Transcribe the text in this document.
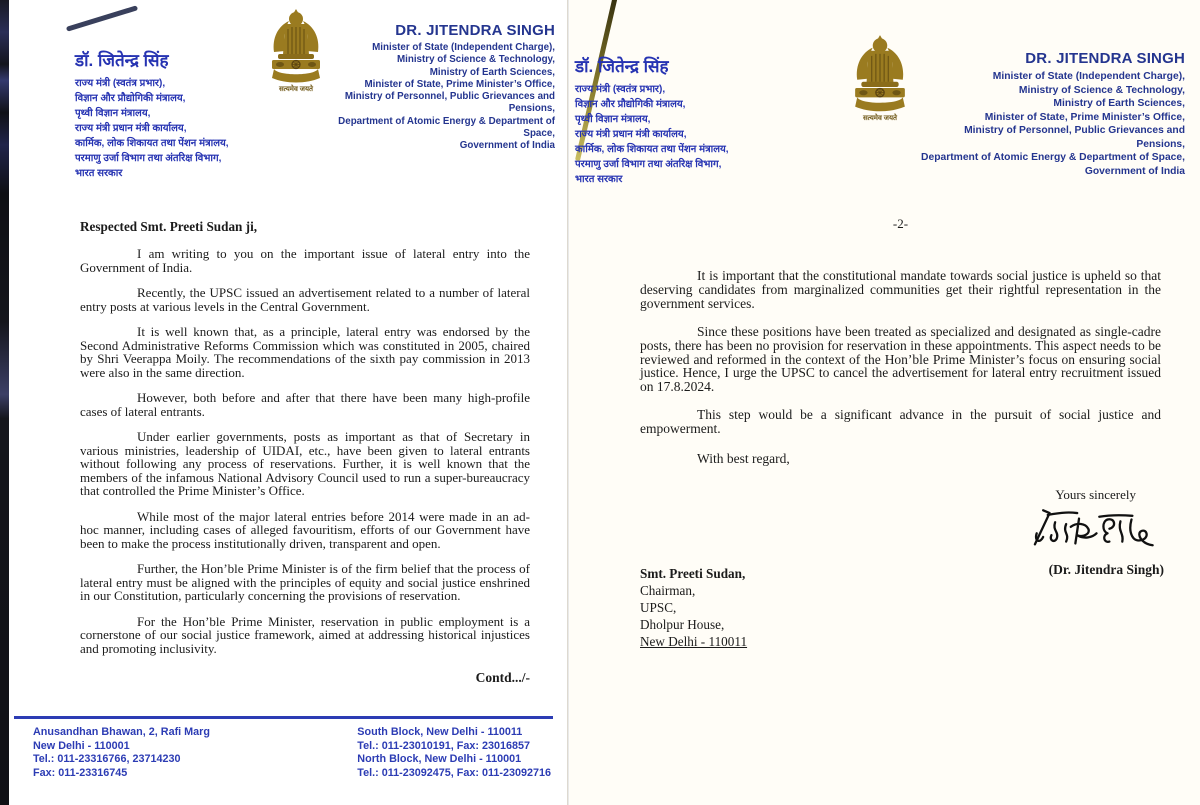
डॉ. जितेन्द्र सिंह
राज्य मंत्री (स्वतंत्र प्रभार),
विज्ञान और प्रौद्योगिकी मंत्रालय,
पृथ्वी विज्ञान मंत्रालय,
राज्य मंत्री प्रधान मंत्री कार्यालय,
कार्मिक, लोक शिकायत तथा पेंशन मंत्रालय,
परमाणु उर्जा विभाग तथा अंतरिक्ष विभाग,
भारत सरकार
सत्यमेव जयते
DR. JITENDRA SINGH
Minister of State (Independent Charge),
Ministry of Science & Technology,
Ministry of Earth Sciences,
Minister of State, Prime Minister’s Office,
Ministry of Personnel, Public Grievances and Pensions,
Department of Atomic Energy & Department of Space,
Government of India
Respected Smt. Preeti Sudan ji,
I am writing to you on the important issue of lateral entry into the Government of India.
Recently, the UPSC issued an advertisement related to a number of lateral entry posts at various levels in the Central Government.
It is well known that, as a principle, lateral entry was endorsed by the Second Administrative Reforms Commission which was constituted in 2005, chaired by Shri Veerappa Moily. The recommendations of the sixth pay commission in 2013 were also in the same direction.
However, both before and after that there have been many high-profile cases of lateral entrants.
Under earlier governments, posts as important as that of Secretary in various ministries, leadership of UIDAI, etc., have been given to lateral entrants without following any process of reservations. Further, it is well known that the members of the infamous National Advisory Council used to run a super-bureaucracy that controlled the Prime Minister’s Office.
While most of the major lateral entries before 2014 were made in an ad-hoc manner, including cases of alleged favouritism, efforts of our Government have been to make the process institutionally driven, transparent and open.
Further, the Hon’ble Prime Minister is of the firm belief that the process of lateral entry must be aligned with the principles of equity and social justice enshrined in our Constitution, particularly concerning the provisions of reservation.
For the Hon’ble Prime Minister, reservation in public employment is a cornerstone of our social justice framework, aimed at addressing historical injustices and promoting inclusivity.
Contd.../-
Anusandhan Bhawan, 2, Rafi Marg
New Delhi - 110001
Tel.: 011-23316766, 23714230
Fax: 011-23316745
South Block, New Delhi - 110011
Tel.: 011-23010191, Fax: 23016857
North Block, New Delhi - 110001
Tel.: 011-23092475, Fax: 011-23092716
डॉ. जितेन्द्र सिंह
राज्य मंत्री (स्वतंत्र प्रभार),
विज्ञान और प्रौद्योगिकी मंत्रालय,
पृथ्वी विज्ञान मंत्रालय,
राज्य मंत्री प्रधान मंत्री कार्यालय,
कार्मिक, लोक शिकायत तथा पेंशन मंत्रालय,
परमाणु उर्जा विभाग तथा अंतरिक्ष विभाग,
भारत सरकार
सत्यमेव जयते
DR. JITENDRA SINGH
Minister of State (Independent Charge),
Ministry of Science & Technology,
Ministry of Earth Sciences,
Minister of State, Prime Minister’s Office,
Ministry of Personnel, Public Grievances and Pensions,
Department of Atomic Energy & Department of Space,
Government of India
-2-
It is important that the constitutional mandate towards social justice is upheld so that deserving candidates from marginalized communities get their rightful representation in the government services.
Since these positions have been treated as specialized and designated as single-cadre posts, there has been no provision for reservation in these appointments. This aspect needs to be reviewed and reformed in the context of the Hon’ble Prime Minister’s focus on ensuring social justice. Hence, I urge the UPSC to cancel the advertisement for lateral entry recruitment issued on 17.8.2024.
This step would be a significant advance in the pursuit of social justice and empowerment.
With best regard,
Yours sincerely
(Dr. Jitendra Singh)
Smt. Preeti Sudan,
Chairman,
UPSC,
Dholpur House,
New Delhi - 110011
